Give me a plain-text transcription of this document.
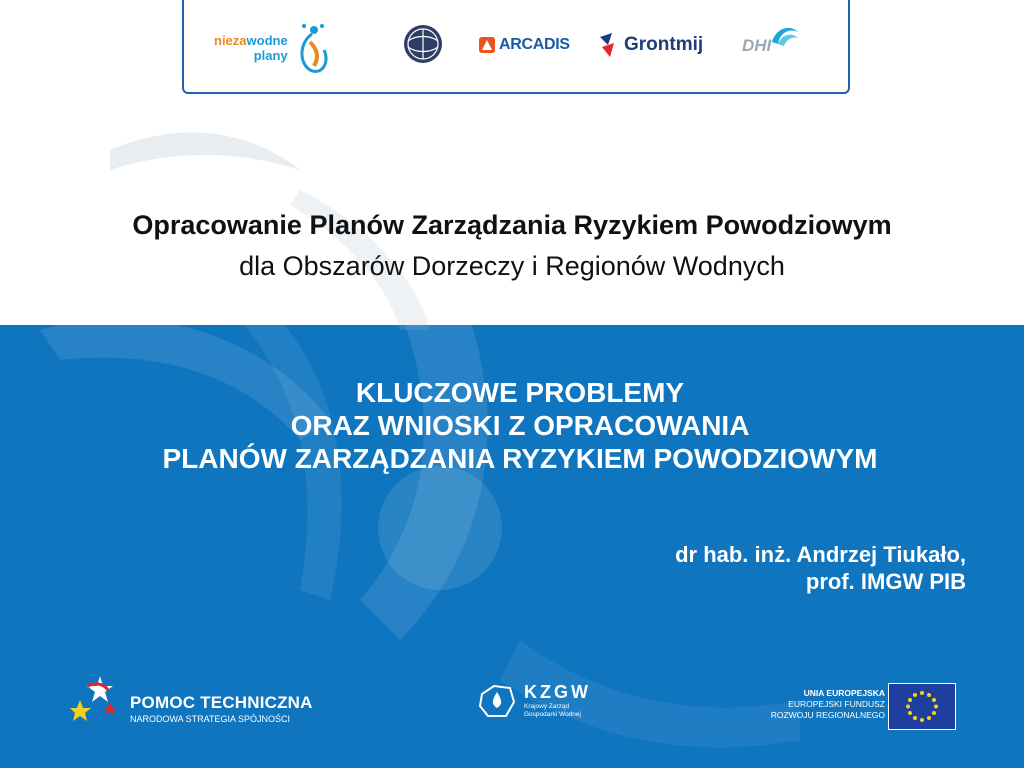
niezawodne
plany
ARCADIS	Grontmij DHI
Opracowanie Planów Zarządzania Ryzykiem Powodziowym
dla Obszarów Dorzeczy i Regionów Wodnych
KLUCZOWE PROBLEMY
ORAZ WNIOSKI Z OPRACOWANIA
PLANÓW ZARZĄDZANIA RYZYKIEM POWODZIOWYM
dr hab. inż. Andrzej Tiukało,
prof. IMGW PIB
POMOC TECHNICZNA
NARODOWA STRATEGIA SPÓJNOŚCI
KZGW
Krajowy Zarząd
Gospodarki Wodnej
UNIA EUROPEJSKA
EUROPEJSKI FUNDUSZ
ROZWOJU REGIONALNEGO
